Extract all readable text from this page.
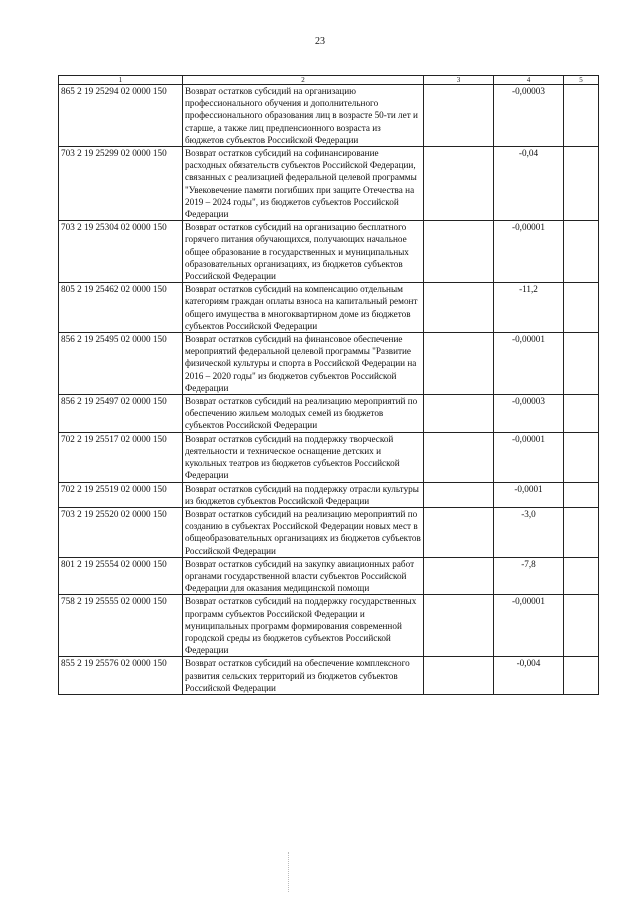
23
1	2	3	4	5
865 2 19 25294 02 0000 150	Возврат остатков субсидий на организацию профессионального обучения и дополнительного профессионального образования лиц в возрасте 50-ти лет и старше, а также лиц предпенсионного возраста из бюджетов субъектов Российской Федерации		-0,00003	
703 2 19 25299 02 0000 150	Возврат остатков субсидий на софинансирование расходных обязательств субъектов Российской Федерации, связанных с реализацией федеральной целевой программы "Увековечение памяти погибших при защите Отечества на 2019 – 2024 годы", из бюджетов субъектов Российской Федерации		-0,04	
703 2 19 25304 02 0000 150	Возврат остатков субсидий на организацию бесплатного горячего питания обучающихся, получающих начальное общее образование в государственных и муниципальных образовательных организациях, из бюджетов субъектов Российской Федерации		-0,00001	
805 2 19 25462 02 0000 150	Возврат остатков субсидий на компенсацию отдельным категориям граждан оплаты взноса на капитальный ремонт общего имущества в многоквартирном доме из бюджетов субъектов Российской Федерации		-11,2	
856 2 19 25495 02 0000 150	Возврат остатков субсидий на финансовое обеспечение мероприятий федеральной целевой программы "Развитие физической культуры и спорта в Российской Федерации на 2016 – 2020 годы" из бюджетов субъектов Российской Федерации		-0,00001	
856 2 19 25497 02 0000 150	Возврат остатков субсидий на реализацию мероприятий по обеспечению жильем молодых семей из бюджетов субъектов Российской Федерации		-0,00003	
702 2 19 25517 02 0000 150	Возврат остатков субсидий на поддержку творческой деятельности и техническое оснащение детских и кукольных театров из бюджетов субъектов Российской Федерации		-0,00001	
702 2 19 25519 02 0000 150	Возврат остатков субсидий на поддержку отрасли культуры из бюджетов субъектов Российской Федерации		-0,0001	
703 2 19 25520 02 0000 150	Возврат остатков субсидий на реализацию мероприятий по созданию в субъектах Российской Федерации новых мест в общеобразовательных организациях из бюджетов субъектов Российской Федерации		-3,0	
801 2 19 25554 02 0000 150	Возврат остатков субсидий на закупку авиационных работ органами государственной власти субъектов Российской Федерации для оказания медицинской помощи		-7,8	
758 2 19 25555 02 0000 150	Возврат остатков субсидий на поддержку государственных программ субъектов Российской Федерации и муниципальных программ формирования современной городской среды из бюджетов субъектов Российской Федерации		-0,00001	
855 2 19 25576 02 0000 150	Возврат остатков субсидий на обеспечение комплексного развития сельских территорий из бюджетов субъектов Российской Федерации		-0,004	
